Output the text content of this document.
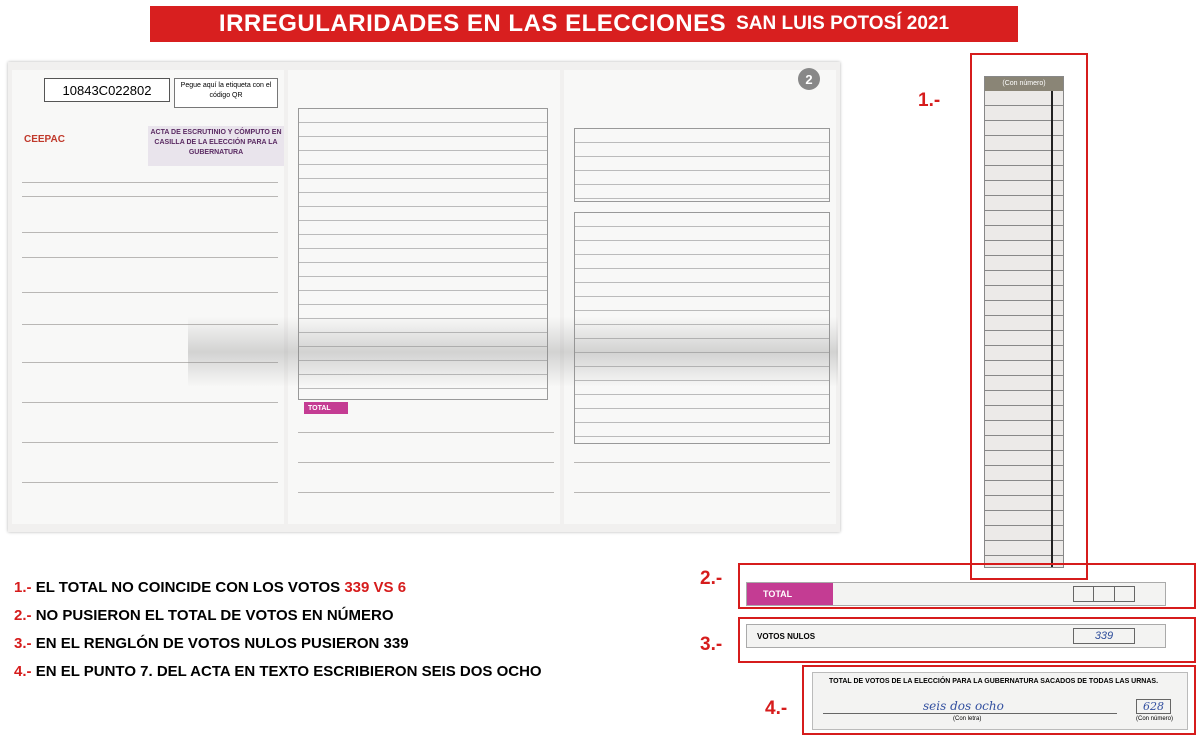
IRREGULARIDADES EN LAS ELECCIONES SAN LUIS POTOSÍ 2021
10843C022802	Pegue aquí la etiqueta con el código QR
CEEPAC
ACTA DE ESCRUTINIO Y CÓMPUTO EN CASILLA DE LA ELECCIÓN PARA LA GUBERNATURA
2
TOTAL
1.-
(Con número)
2.-
TOTAL
3.-	VOTOS NULOS	339
4.-
TOTAL DE VOTOS DE LA ELECCIÓN PARA LA GUBERNATURA SACADOS DE TODAS LAS URNAS.
seis dos ocho	628
(Con letra)	(Con número)
1.- EL TOTAL NO COINCIDE CON LOS VOTOS 339 VS 6
2.- NO PUSIERON EL TOTAL DE VOTOS EN NÚMERO
3.- EN EL RENGLÓN DE VOTOS NULOS PUSIERON 339
4.- EN EL PUNTO 7. DEL ACTA EN TEXTO ESCRIBIERON SEIS DOS OCHO
